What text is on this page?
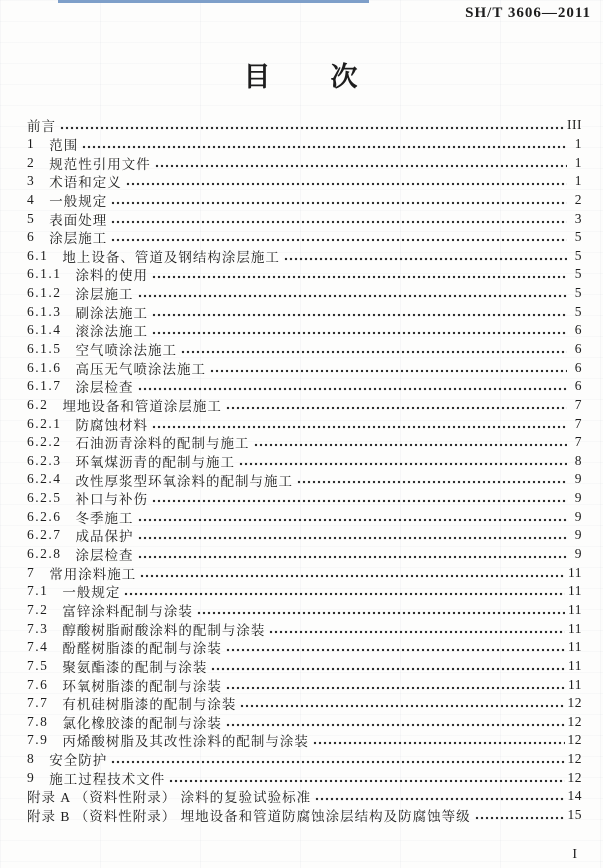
SH/T 3606—2011
目　　次
前言	III
1 范围	1
2 规范性引用文件	1
3 术语和定义	1
4 一般规定	2
5 表面处理	3
6 涂层施工	5
6.1 地上设备、管道及钢结构涂层施工	5
6.1.1 涂料的使用	5
6.1.2 涂层施工	5
6.1.3 刷涂法施工	5
6.1.4 滚涂法施工	6
6.1.5 空气喷涂法施工	6
6.1.6 高压无气喷涂法施工	6
6.1.7 涂层检查	6
6.2 埋地设备和管道涂层施工	7
6.2.1 防腐蚀材料	7
6.2.2 石油沥青涂料的配制与施工	7
6.2.3 环氧煤沥青的配制与施工	8
6.2.4 改性厚浆型环氧涂料的配制与施工	9
6.2.5 补口与补伤	9
6.2.6 冬季施工	9
6.2.7 成品保护	9
6.2.8 涂层检查	9
7 常用涂料施工	11
7.1 一般规定	11
7.2 富锌涂料配制与涂装	11
7.3 醇酸树脂耐酸涂料的配制与涂装	11
7.4 酚醛树脂漆的配制与涂装	11
7.5 聚氨酯漆的配制与涂装	11
7.6 环氧树脂漆的配制与涂装	11
7.7 有机硅树脂漆的配制与涂装	12
7.8 氯化橡胶漆的配制与涂装	12
7.9 丙烯酸树脂及其改性涂料的配制与涂装	12
8 安全防护	12
9 施工过程技术文件	12
附录 A （资料性附录） 涂料的复验试验标准	14
附录 B （资料性附录） 埋地设备和管道防腐蚀涂层结构及防腐蚀等级	15
I
